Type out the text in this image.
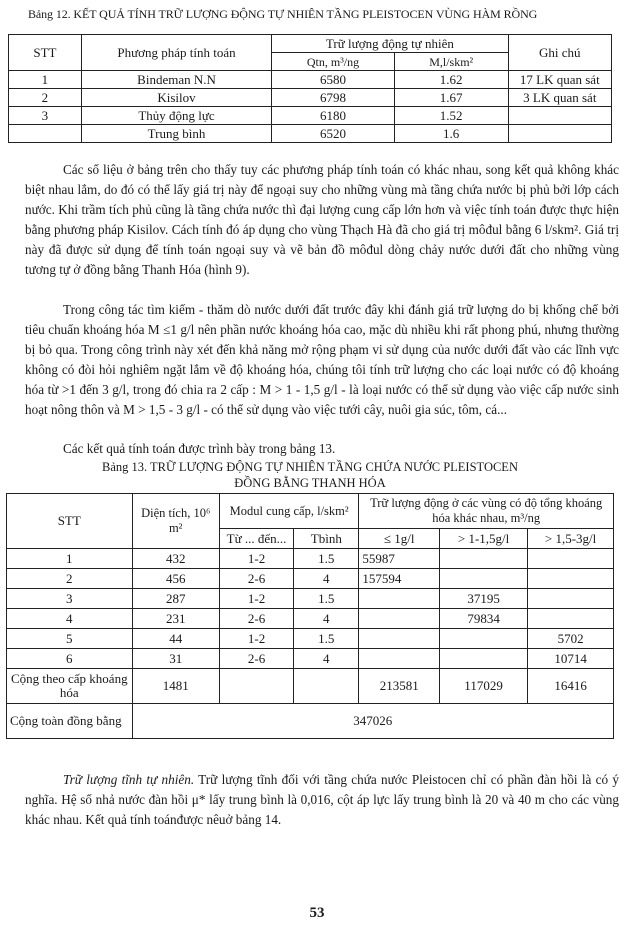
Bảng 12. KẾT QUẢ TÍNH TRỮ LƯỢNG ĐỘNG TỰ NHIÊN TẦNG PLEISTOCEN VÙNG HÀM RỒNG
STT	Phương pháp tính toán	Trữ lượng động tự nhiên		Ghi chú
		Qtn, m³/ng	M,l/skm²	
1	Bindeman N.N	6580	1.62	17 LK quan sát
2	Kisilov	6798	1.67	3 LK quan sát
3	Thủy động lực	6180	1.52	
	Trung bình	6520	1.6	

Các số liệu ở bảng trên cho thấy tuy các phương pháp tính toán có khác nhau, song kết quả không khác biệt nhau lắm, do đó có thể lấy giá trị này để ngoại suy cho những vùng mà tầng chứa nước bị phủ bởi lớp cách nước. Khi trầm tích phủ cũng là tầng chứa nước thì đại lượng cung cấp lớn hơn và việc tính toán được thực hiện bằng phương pháp Kisilov. Cách tính đó áp dụng cho vùng Thạch Hà đã cho giá trị môđul bằng 6 l/skm². Giá trị này đã được sử dụng để tính toán ngoại suy và vẽ bản đồ môđul dòng chảy nước dưới đất cho những vùng tương tự ở đồng bằng Thanh Hóa (hình 9).

Trong công tác tìm kiếm - thăm dò nước dưới đất trước đây khi đánh giá trữ lượng do bị khống chế bởi tiêu chuẩn khoáng hóa M ≤1 g/l nên phần nước khoáng hóa cao, mặc dù nhiều khi rất phong phú, nhưng thường bị bỏ qua. Trong công trình này xét đến khả năng mở rộng phạm vi sử dụng của nước dưới đất vào các lĩnh vực không có đòi hỏi nghiêm ngặt lắm về độ khoáng hóa, chúng tôi tính trữ lượng cho các loại nước có độ khoáng hóa từ >1 đến 3 g/l, trong đó chia ra 2 cấp : M > 1 - 1,5 g/l - là loại nước có thể sử dụng vào việc cấp nước sinh hoạt nông thôn và M > 1,5 - 3 g/l - có thể sử dụng vào việc tưới cây, nuôi gia súc, tôm, cá...

Các kết quả tính toán được trình bày trong bảng 13.

Bảng 13. TRỮ LƯỢNG ĐỘNG TỰ NHIÊN TẦNG CHỨA NƯỚC PLEISTOCEN
ĐỒNG BẰNG THANH HÓA
STT	Diện tích, 10⁶ m²	Modul cung cấp, l/skm²		Trữ lượng động ở các vùng có độ tổng khoáng hóa khác nhau, m³/ng		
		Từ ... đến...	Tbình	≤ 1g/l	> 1-1,5g/l	> 1,5-3g/l
1	432	1-2	1.5	55987		
2	456	2-6	4	157594		
3	287	1-2	1.5		37195	
4	231	2-6	4		79834	
5	44	1-2	1.5			5702
6	31	2-6	4			10714
Cộng theo cấp khoáng hóa	1481			213581	117029	16416
Cộng toàn đồng bằng	347026					

Trữ lượng tĩnh tự nhiên. Trữ lượng tĩnh đối với tầng chứa nước Pleistocen chỉ có phần đàn hồi là có ý nghĩa. Hệ số nhả nước đàn hồi μ* lấy trung bình là 0,016, cột áp lực lấy trung bình là 20 và 40 m cho các vùng khác nhau. Kết quả tính toánđược nêuở bảng 14.

53
